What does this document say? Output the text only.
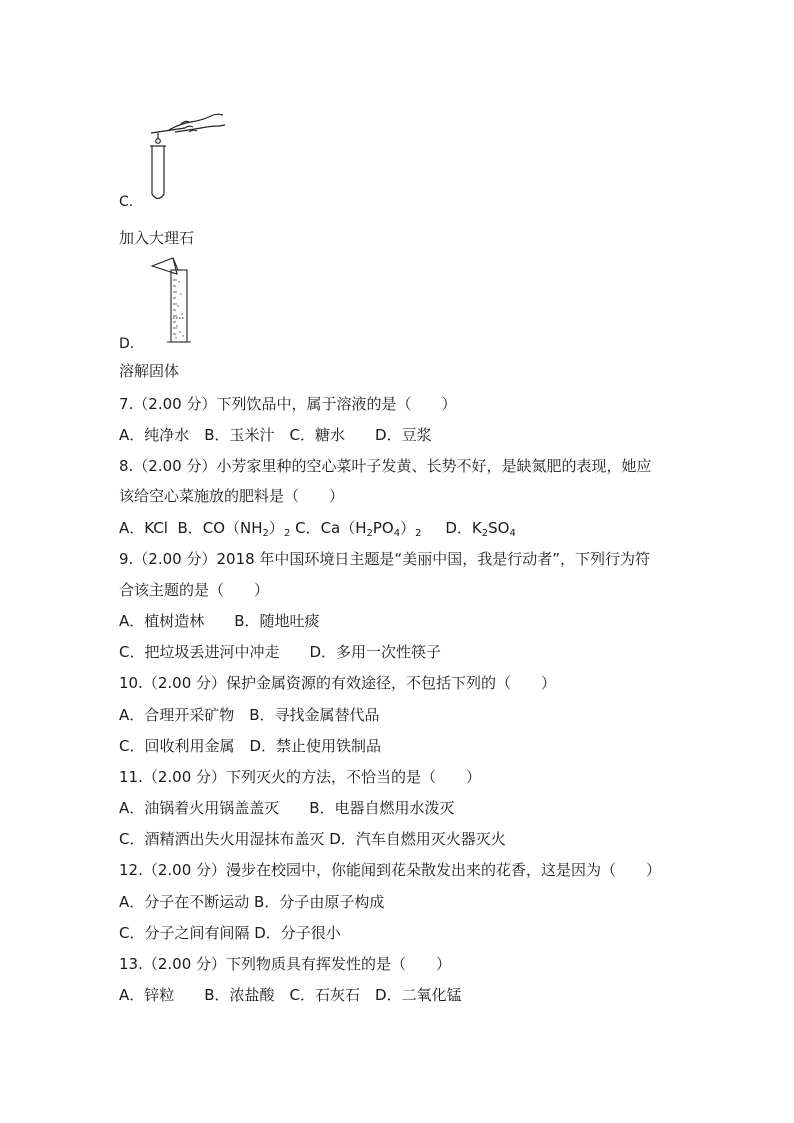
C.
加入大理石
D.
溶解固体
7.（2.00 分）下列饮品中，属于溶液的是（　　）
A．纯净水　B．玉米汁　C．糖水　　D．豆浆
8.（2.00 分）小芳家里种的空心菜叶子发黄、长势不好，是缺氮肥的表现，她应
该给空心菜施放的肥料是（　　）
A．KCl B．$CO(NH_2)_2$ C．$Ca(H_2PO_4)_2$ D．$K_2SO_4$
9.（2.00 分）2018 年中国环境日主题是“美丽中国，我是行动者”，下列行为符
合该主题的是（　　）
A．植树造林　　B．随地吐痰
C．把垃圾丢进河中冲走　　D．多用一次性筷子
10.（2.00 分）保护金属资源的有效途径，不包括下列的（　　）
A．合理开采矿物　B．寻找金属替代品
C．回收利用金属　D．禁止使用铁制品
11.（2.00 分）下列灭火的方法，不恰当的是（　　）
A．油锅着火用锅盖盖灭　　B．电器自燃用水泼灭
C．酒精洒出失火用湿抹布盖灭 D．汽车自燃用灭火器灭火
12.（2.00 分）漫步在校园中，你能闻到花朵散发出来的花香，这是因为（　　）
A．分子在不断运动 B．分子由原子构成
C．分子之间有间隔 D．分子很小
13.（2.00 分）下列物质具有挥发性的是（　　）
A．锌粒　　B．浓盐酸　C．石灰石　D．二氧化锰
